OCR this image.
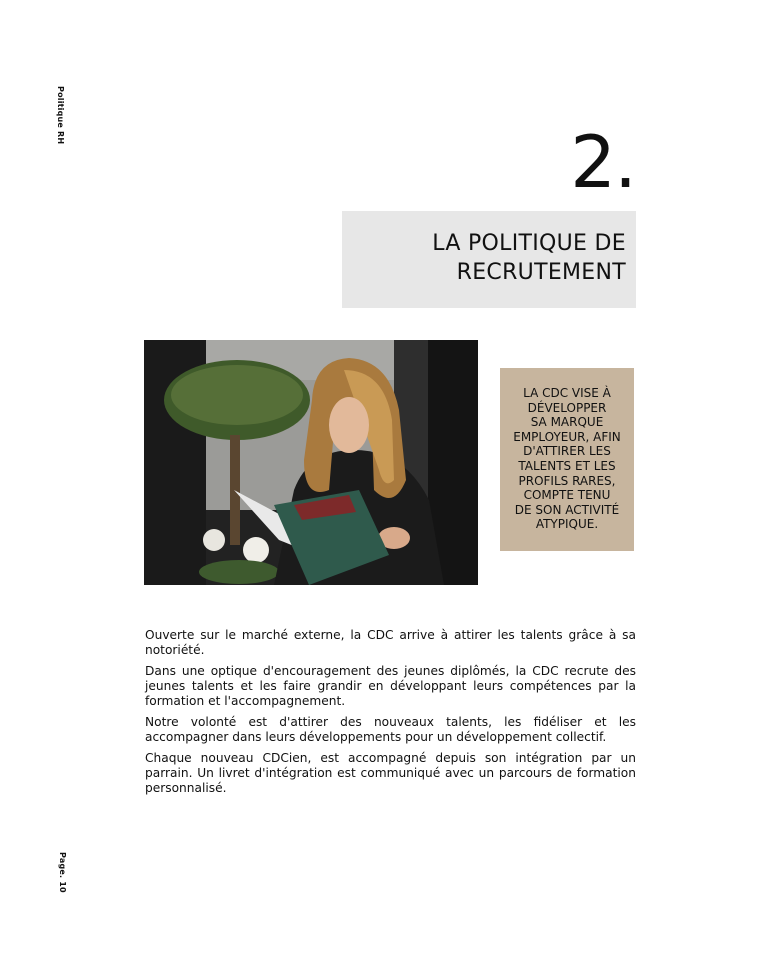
Politique RH
2.
LA POLITIQUE DE
RECRUTEMENT
LA CDC VISE À
DÉVELOPPER
SA MARQUE
EMPLOYEUR, AFIN
D'ATTIRER LES
TALENTS ET LES
PROFILS RARES,
COMPTE TENU
DE SON ACTIVITÉ
ATYPIQUE.

Ouverte sur le marché externe, la CDC arrive à attirer les talents grâce à sa notoriété.

Dans une optique d'encouragement des jeunes diplômés, la CDC recrute des jeunes talents et les faire grandir en développant leurs compétences par la formation et l'accompagnement.

Notre volonté est d'attirer des nouveaux talents, les fidéliser et les accompagner dans leurs développements pour un développement collectif.

Chaque nouveau CDCien, est accompagné depuis son intégration par un parrain. Un livret d'intégration est communiqué avec un parcours de formation personnalisé.

Page. 10
